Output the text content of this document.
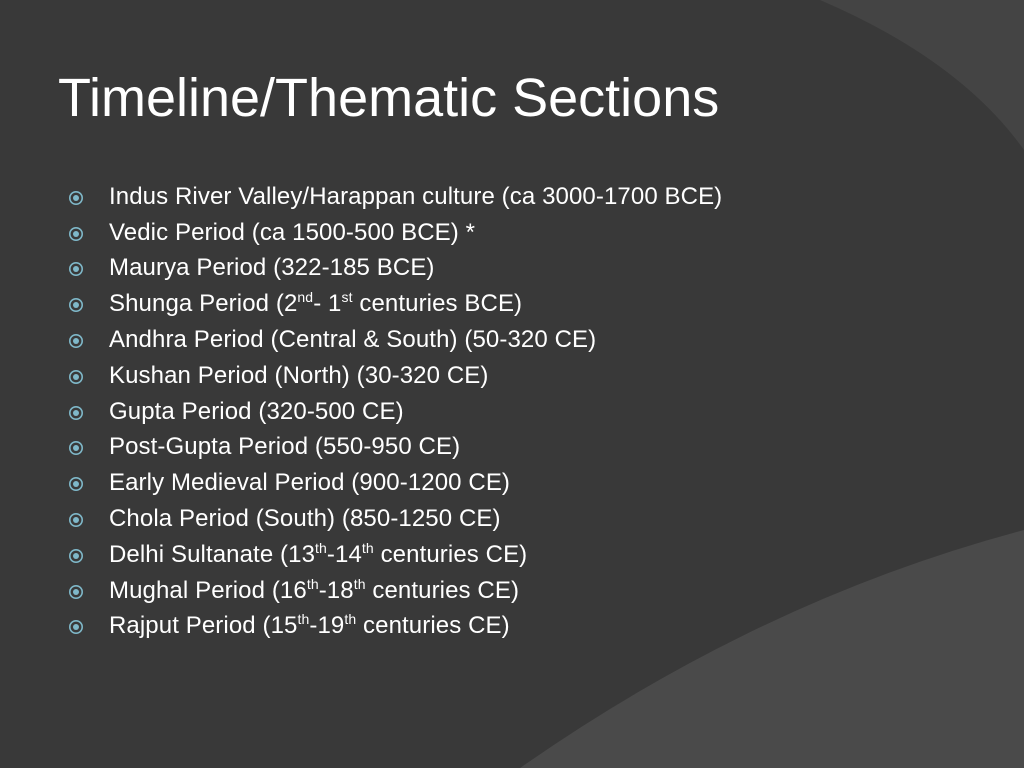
Timeline/Thematic Sections
Indus River Valley/Harappan culture (ca 3000-1700 BCE)
Vedic Period (ca 1500-500 BCE) *
Maurya Period (322-185 BCE)
Shunga Period (2nd- 1st centuries BCE)
Andhra Period (Central & South) (50-320 CE)
Kushan Period (North) (30-320 CE)
Gupta Period (320-500 CE)
Post-Gupta Period (550-950 CE)
Early Medieval Period (900-1200 CE)
Chola Period (South) (850-1250 CE)
Delhi Sultanate (13th-14th centuries CE)
Mughal Period (16th-18th centuries CE)
Rajput Period (15th-19th centuries CE)
